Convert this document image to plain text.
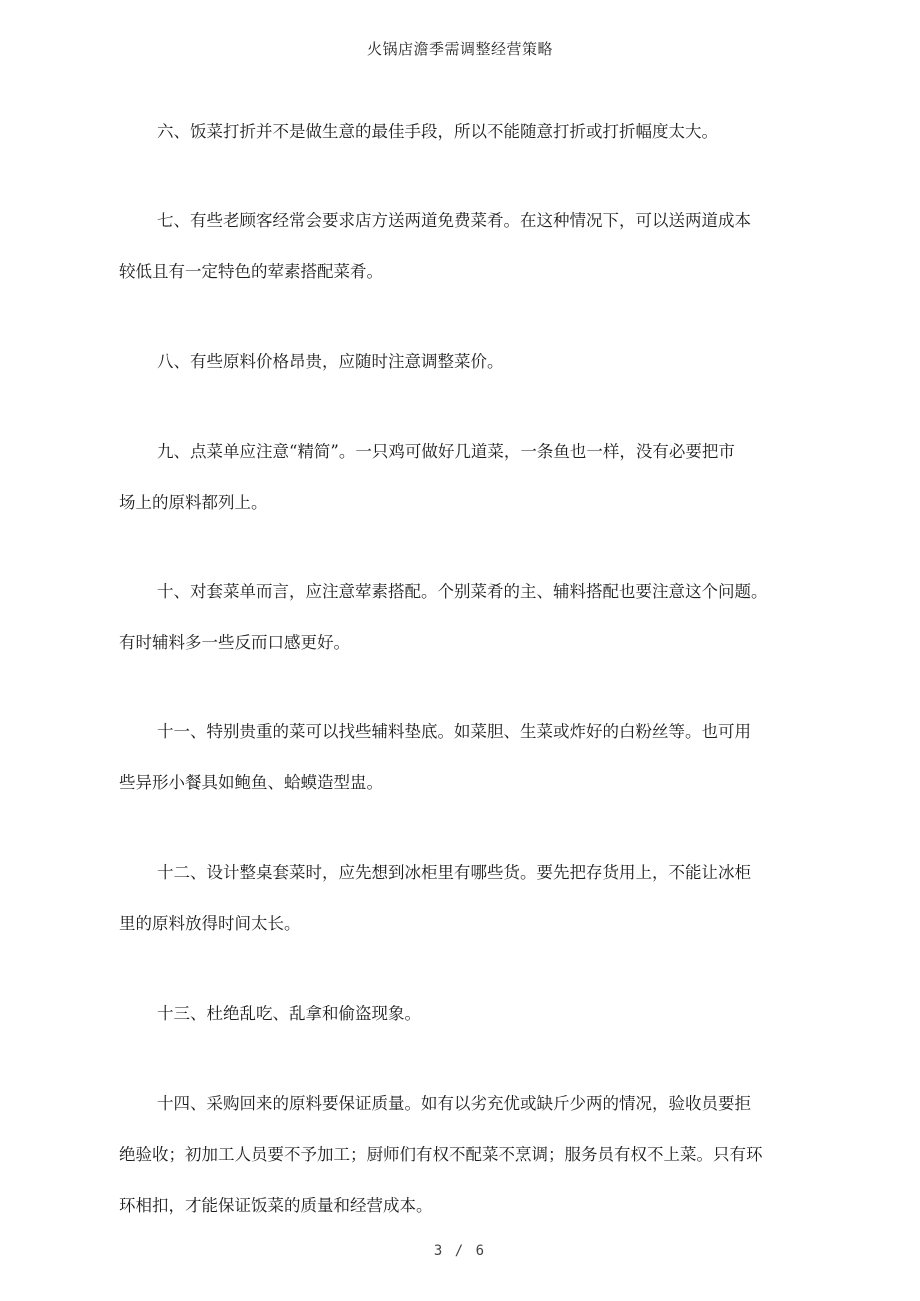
火锅店澹季需调整经营策略
六、饭菜打折并不是做生意的最佳手段，所以不能随意打折或打折幅度太大。
七、有些老顾客经常会要求店方送两道免费菜肴。在这种情况下，可以送两道成本
较低且有一定特色的荤素搭配菜肴。
八、有些原料价格昂贵，应随时注意调整菜价。
九、点菜单应注意“精简”。一只鸡可做好几道菜，一条鱼也一样，没有必要把市
场上的原料都列上。
十、对套菜单而言，应注意荤素搭配。个别菜肴的主、辅料搭配也要注意这个问题。
有时辅料多一些反而口感更好。
十一、特别贵重的菜可以找些辅料垫底。如菜胆、生菜或炸好的白粉丝等。也可用
些异形小餐具如鲍鱼、蛤蟆造型盅。
十二、设计整桌套菜时，应先想到冰柜里有哪些货。要先把存货用上，不能让冰柜
里的原料放得时间太长。
十三、杜绝乱吃、乱拿和偷盗现象。
十四、采购回来的原料要保证质量。如有以劣充优或缺斤少两的情况，验收员要拒
绝验收；初加工人员要不予加工；厨师们有权不配菜不烹调；服务员有权不上菜。只有环
环相扣，才能保证饭菜的质量和经营成本。
3 / 6
